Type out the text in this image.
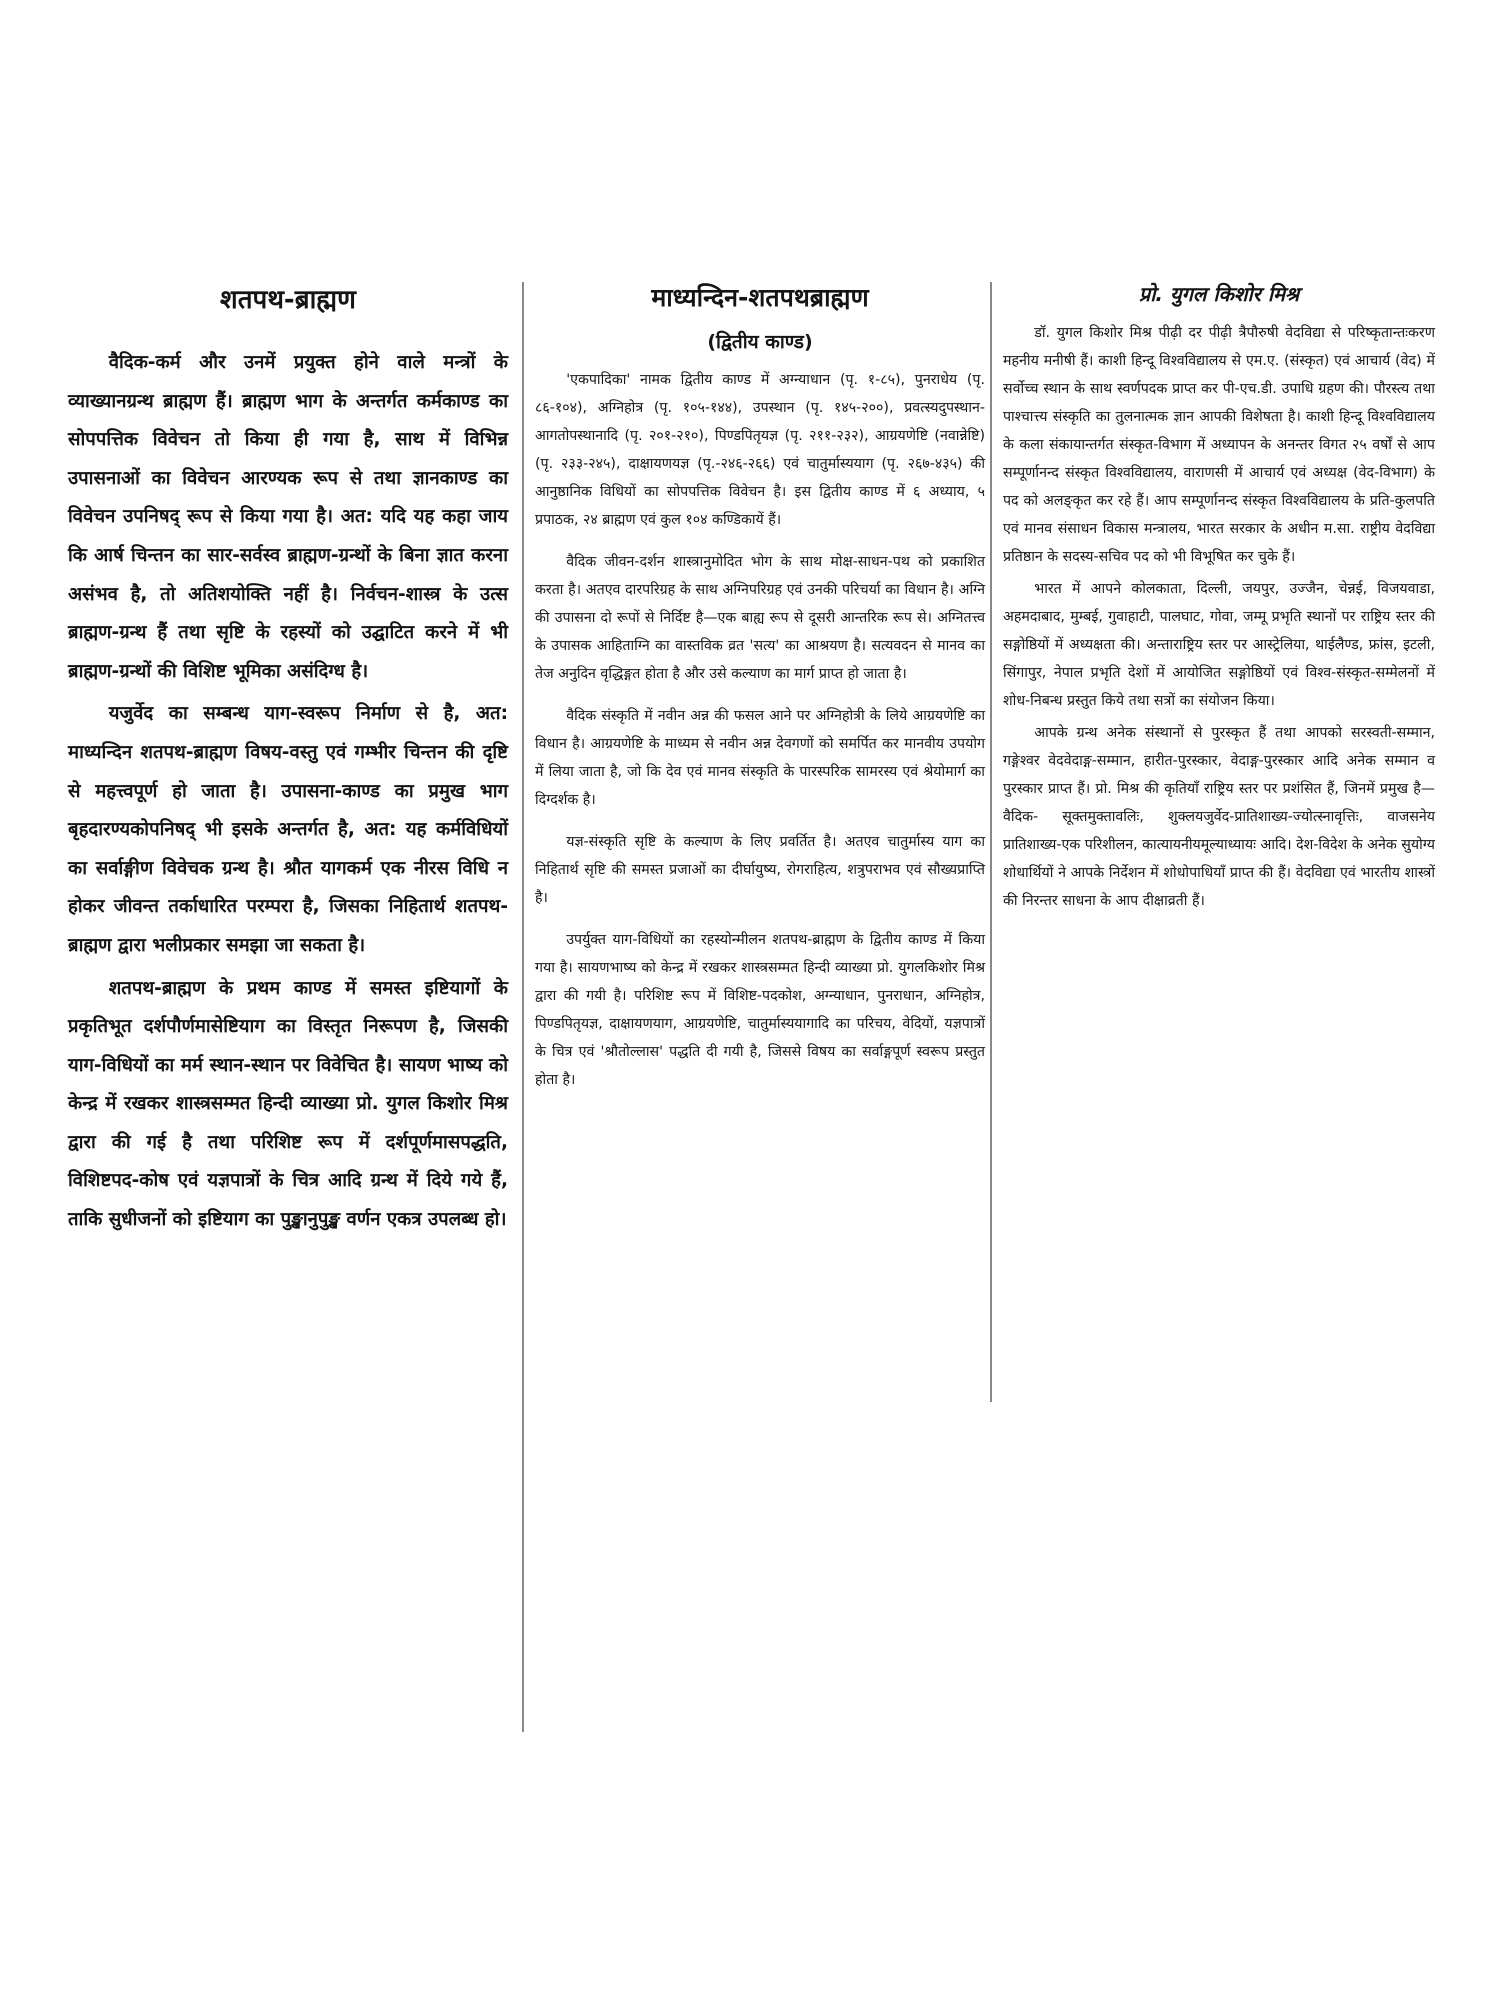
शतपथ-ब्राह्मण

वैदिक-कर्म और उनमें प्रयुक्त होने वाले मन्त्रों के व्याख्यानग्रन्थ ब्राह्मण हैं। ब्राह्मण भाग के अन्तर्गत कर्मकाण्ड का सोपपत्तिक विवेचन तो किया ही गया है, साथ में विभिन्न उपासनाओं का विवेचन आरण्यक रूप से तथा ज्ञानकाण्ड का विवेचन उपनिषद् रूप से किया गया है। अत: यदि यह कहा जाय कि आर्ष चिन्तन का सार-सर्वस्व ब्राह्मण-ग्रन्थों के बिना ज्ञात करना असंभव है, तो अतिशयोक्ति नहीं है। निर्वचन-शास्त्र के उत्स ब्राह्मण-ग्रन्थ हैं तथा सृष्टि के रहस्यों को उद्घाटित करने में भी ब्राह्मण-ग्रन्थों की विशिष्ट भूमिका असंदिग्ध है।

यजुर्वेद का सम्बन्ध याग-स्वरूप निर्माण से है, अत: माध्यन्दिन शतपथ-ब्राह्मण विषय-वस्तु एवं गम्भीर चिन्तन की दृष्टि से महत्त्वपूर्ण हो जाता है। उपासना-काण्ड का प्रमुख भाग बृहदारण्यकोपनिषद् भी इसके अन्तर्गत है, अत: यह कर्मविधियों का सर्वाङ्गीण विवेचक ग्रन्थ है। श्रौत यागकर्म एक नीरस विधि न होकर जीवन्त तर्काधारित परम्परा है, जिसका निहितार्थ शतपथ-ब्राह्मण द्वारा भलीप्रकार समझा जा सकता है।

शतपथ-ब्राह्मण के प्रथम काण्ड में समस्त इष्टियागों के प्रकृतिभूत दर्शपौर्णमासेष्टियाग का विस्तृत निरूपण है, जिसकी याग-विधियों का मर्म स्थान-स्थान पर विवेचित है। सायण भाष्य को केन्द्र में रखकर शास्त्रसम्मत हिन्दी व्याख्या प्रो. युगल किशोर मिश्र द्वारा की गई है तथा परिशिष्ट रूप में दर्शपूर्णमासपद्धति, विशिष्टपद-कोष एवं यज्ञपात्रों के चित्र आदि ग्रन्थ में दिये गये हैं, ताकि सुधीजनों को इष्टियाग का पुङ्खानुपुङ्ख वर्णन एकत्र उपलब्ध हो।

माध्यन्दिन-शतपथब्राह्मण
(द्वितीय काण्ड)

'एकपादिका' नामक द्वितीय काण्ड में अग्न्याधान (पृ. १-८५), पुनराधेय (पृ. ८६-१०४), अग्निहोत्र (पृ. १०५-१४४), उपस्थान (पृ. १४५-२००), प्रवत्स्यदुपस्थान-आगतोपस्थानादि (पृ. २०१-२१०), पिण्डपितृयज्ञ (पृ. २११-२३२), आग्रयणेष्टि (नवान्नेष्टि) (पृ. २३३-२४५), दाक्षायणयज्ञ (पृ.-२४६-२६६) एवं चातुर्मास्ययाग (पृ. २६७-४३५) की आनुष्ठानिक विधियों का सोपपत्तिक विवेचन है। इस द्वितीय काण्ड में ६ अध्याय, ५ प्रपाठक, २४ ब्राह्मण एवं कुल १०४ कण्डिकायें हैं।

वैदिक जीवन-दर्शन शास्त्रानुमोदित भोग के साथ मोक्ष-साधन-पथ को प्रकाशित करता है। अतएव दारपरिग्रह के साथ अग्निपरिग्रह एवं उनकी परिचर्या का विधान है। अग्नि की उपासना दो रूपों से निर्दिष्ट है—एक बाह्य रूप से दूसरी आन्तरिक रूप से। अग्नितत्त्व के उपासक आहिताग्नि का वास्तविक व्रत 'सत्य' का आश्रयण है। सत्यवदन से मानव का तेज अनुदिन वृद्धिङ्गत होता है और उसे कल्याण का मार्ग प्राप्त हो जाता है।

वैदिक संस्कृति में नवीन अन्न की फसल आने पर अग्निहोत्री के लिये आग्रयणेष्टि का विधान है। आग्रयणेष्टि के माध्यम से नवीन अन्न देवगणों को समर्पित कर मानवीय उपयोग में लिया जाता है, जो कि देव एवं मानव संस्कृति के पारस्परिक सामरस्य एवं श्रेयोमार्ग का दिग्दर्शक है।

यज्ञ-संस्कृति सृष्टि के कल्याण के लिए प्रवर्तित है। अतएव चातुर्मास्य याग का निहितार्थ सृष्टि की समस्त प्रजाओं का दीर्घायुष्य, रोगराहित्य, शत्रुपराभव एवं सौख्यप्राप्ति है।

उपर्युक्त याग-विधियों का रहस्योन्मीलन शतपथ-ब्राह्मण के द्वितीय काण्ड में किया गया है। सायणभाष्य को केन्द्र में रखकर शास्त्रसम्मत हिन्दी व्याख्या प्रो. युगलकिशोर मिश्र द्वारा की गयी है। परिशिष्ट रूप में विशिष्ट-पदकोश, अग्न्याधान, पुनराधान, अग्निहोत्र, पिण्डपितृयज्ञ, दाक्षायणयाग, आग्रयणेष्टि, चातुर्मास्ययागादि का परिचय, वेदियों, यज्ञपात्रों के चित्र एवं 'श्रौतोल्लास' पद्धति दी गयी है, जिससे विषय का सर्वाङ्गपूर्ण स्वरूप प्रस्तुत होता है।

प्रो. युगल किशोर मिश्र

डॉ. युगल किशोर मिश्र पीढ़ी दर पीढ़ी त्रैपौरुषी वेदविद्या से परिष्कृतान्तःकरण महनीय मनीषी हैं। काशी हिन्दू विश्वविद्यालय से एम.ए. (संस्कृत) एवं आचार्य (वेद) में सर्वोच्च स्थान के साथ स्वर्णपदक प्राप्त कर पी-एच.डी. उपाधि ग्रहण की। पौरस्त्य तथा पाश्चात्त्य संस्कृति का तुलनात्मक ज्ञान आपकी विशेषता है। काशी हिन्दू विश्वविद्यालय के कला संकायान्तर्गत संस्कृत-विभाग में अध्यापन के अनन्तर विगत २५ वर्षों से आप सम्पूर्णानन्द संस्कृत विश्वविद्यालय, वाराणसी में आचार्य एवं अध्यक्ष (वेद-विभाग) के पद को अलङ्कृत कर रहे हैं। आप सम्पूर्णानन्द संस्कृत विश्वविद्यालय के प्रति-कुलपति एवं मानव संसाधन विकास मन्त्रालय, भारत सरकार के अधीन म.सा. राष्ट्रीय वेदविद्या प्रतिष्ठान के सदस्य-सचिव पद को भी विभूषित कर चुके हैं।

भारत में आपने कोलकाता, दिल्ली, जयपुर, उज्जैन, चेन्नई, विजयवाडा, अहमदाबाद, मुम्बई, गुवाहाटी, पालघाट, गोवा, जम्मू प्रभृति स्थानों पर राष्ट्रिय स्तर की सङ्गोष्ठियों में अध्यक्षता की। अन्ताराष्ट्रिय स्तर पर आस्ट्रेलिया, थाईलैण्ड, फ्रांस, इटली, सिंगापुर, नेपाल प्रभृति देशों में आयोजित सङ्गोष्ठियों एवं विश्व-संस्कृत-सम्मेलनों में शोध-निबन्ध प्रस्तुत किये तथा सत्रों का संयोजन किया।

आपके ग्रन्थ अनेक संस्थानों से पुरस्कृत हैं तथा आपको सरस्वती-सम्मान, गङ्गेश्वर वेदवेदाङ्ग-सम्मान, हारीत-पुरस्कार, वेदाङ्ग-पुरस्कार आदि अनेक सम्मान व पुरस्कार प्राप्त हैं। प्रो. मिश्र की कृतियाँ राष्ट्रिय स्तर पर प्रशंसित हैं, जिनमें प्रमुख है—वैदिक- सूक्तमुक्तावलिः, शुक्लयजुर्वेद-प्रातिशाख्य-ज्योत्स्नावृत्तिः, वाजसनेय प्रातिशाख्य-एक परिशीलन, कात्यायनीयमूल्याध्यायः आदि। देश-विदेश के अनेक सुयोग्य शोधार्थियों ने आपके निर्देशन में शोधोपाधियाँ प्राप्त की हैं। वेदविद्या एवं भारतीय शास्त्रों की निरन्तर साधना के आप दीक्षाव्रती हैं।
